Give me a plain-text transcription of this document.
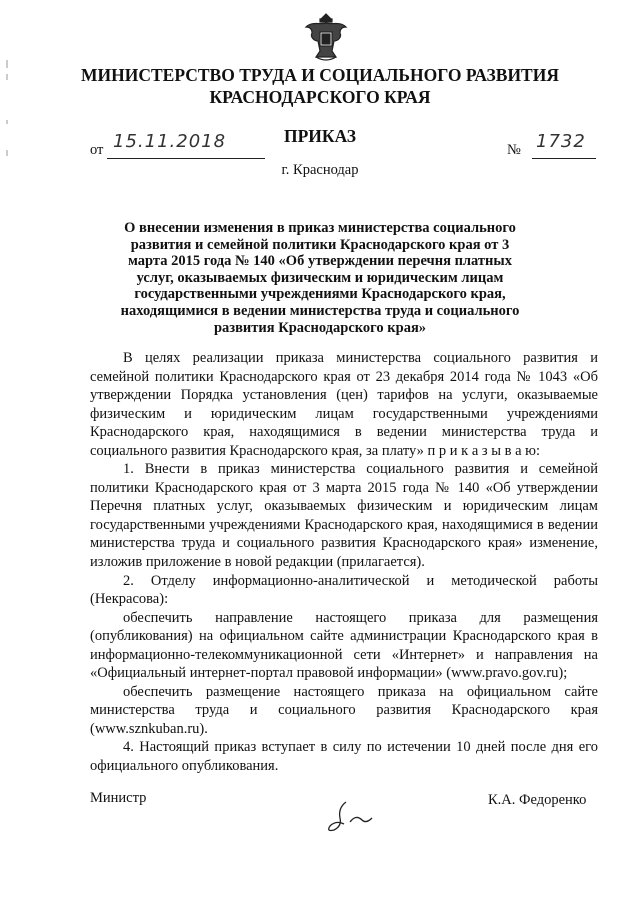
МИНИСТЕРСТВО ТРУДА И СОЦИАЛЬНОГО РАЗВИТИЯ
КРАСНОДАРСКОГО КРАЯ
ПРИКАЗ
от 15.11.2018	№ 1732
г. Краснодар
О внесении изменения в приказ министерства социального развития и семейной политики Краснодарского края от 3 марта 2015 года № 140 «Об утверждении перечня платных услуг, оказываемых физическим и юридическим лицам государственными учреждениями Краснодарского края, находящимися в ведении министерства труда и социального развития Краснодарского края»

В целях реализации приказа министерства социального развития и семейной политики Краснодарского края от 23 декабря 2014 года № 1043 «Об утверждении Порядка установления (цен) тарифов на услуги, оказываемые физическим и юридическим лицам государственными учреждениями Краснодарского края, находящимися в ведении министерства труда и социального развития Краснодарского края, за плату» п р и к а з ы в а ю:

1. Внести в приказ министерства социального развития и семейной политики Краснодарского края от 3 марта 2015 года № 140 «Об утверждении Перечня платных услуг, оказываемых физическим и юридическим лицам государственными учреждениями Краснодарского края, находящимися в ведении министерства труда и социального развития Краснодарского края» изменение, изложив приложение в новой редакции (прилагается).

2. Отделу информационно-аналитической и методической работы (Некрасова):

обеспечить направление настоящего приказа для размещения (опубликования) на официальном сайте администрации Краснодарского края в информационно-телекоммуникационной сети «Интернет» и направления на «Официальный интернет-портал правовой информации» (www.pravo.gov.ru);

обеспечить размещение настоящего приказа на официальном сайте министерства труда и социального развития Краснодарского края (www.sznkuban.ru).

4. Настоящий приказ вступает в силу по истечении 10 дней после дня его официального опубликования.

Министр	К.А. Федоренко
